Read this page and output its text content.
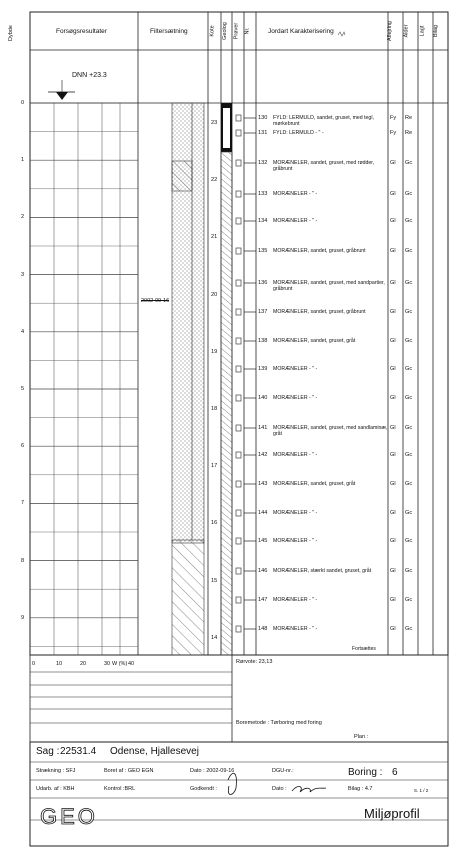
Forsøgsresultater	Filtersætning	Jordart Karakterisering
Dybde	Kote Geolog Prøver Nr.	Aflejring Alder Lagt Bilag
DNN +23.3
2002-09-16
Fortsættes
W (%)	Rørvote: 23,13
Boremetode : Tørboring med foring
Plan :
Sag : 22531.4 Odense, Hjallesevej
Boring : 6
Strækning : SFJ	Boret af : GEO EGN	Dato : 2002-09-16	DGU-nr.:
Udarb. af : KBH	Kontrol :BRL	Godkendt :	Dato :	Bilag : 4.7	S. 1 / 2
GEO	Miljøprofil
0
1
2
3
4
5
6
7
8
9
23
22
21
20
19
18
17
16
15
14
130 FYLD: LERMULD, sandet, gruset, med tegl, mørkebrunt
Fy Re
131 FYLD: LERMULD - " -	Fy Re
132 MORÆNELER, sandet, gruset, med rødder, gråbrunt
Gl Gc
133 MORÆNELER - " -	Gl Gc
134 MORÆNELER - " -	Gl Gc
135 MORÆNELER, sandet, gruset, gråbrunt	Gl Gc
136 MORÆNELER, sandet, gruset, med sandpartier, gråbrunt
Gl Gc
137 MORÆNELER, sandet, gruset, gråbrunt	Gl Gc
138 MORÆNELER, sandet, gruset, gråt	Gl Gc
139 MORÆNELER - " -	Gl Gc
140 MORÆNELER - " -	Gl Gc
141 MORÆNELER, sandet, gruset, med sandlaminæ, gråt
Gl Gc
142 MORÆNELER - " -	Gl Gc
143 MORÆNELER, sandet, gruset, gråt	Gl Gc
144 MORÆNELER - " -	Gl Gc
145 MORÆNELER - " -	Gl Gc
146 MORÆNELER, stærkt sandet, gruset, gråt	Gl Gc
147 MORÆNELER - " -	Gl Gc
148 MORÆNELER - " -	Gl Gc
0	10	20	30	40
